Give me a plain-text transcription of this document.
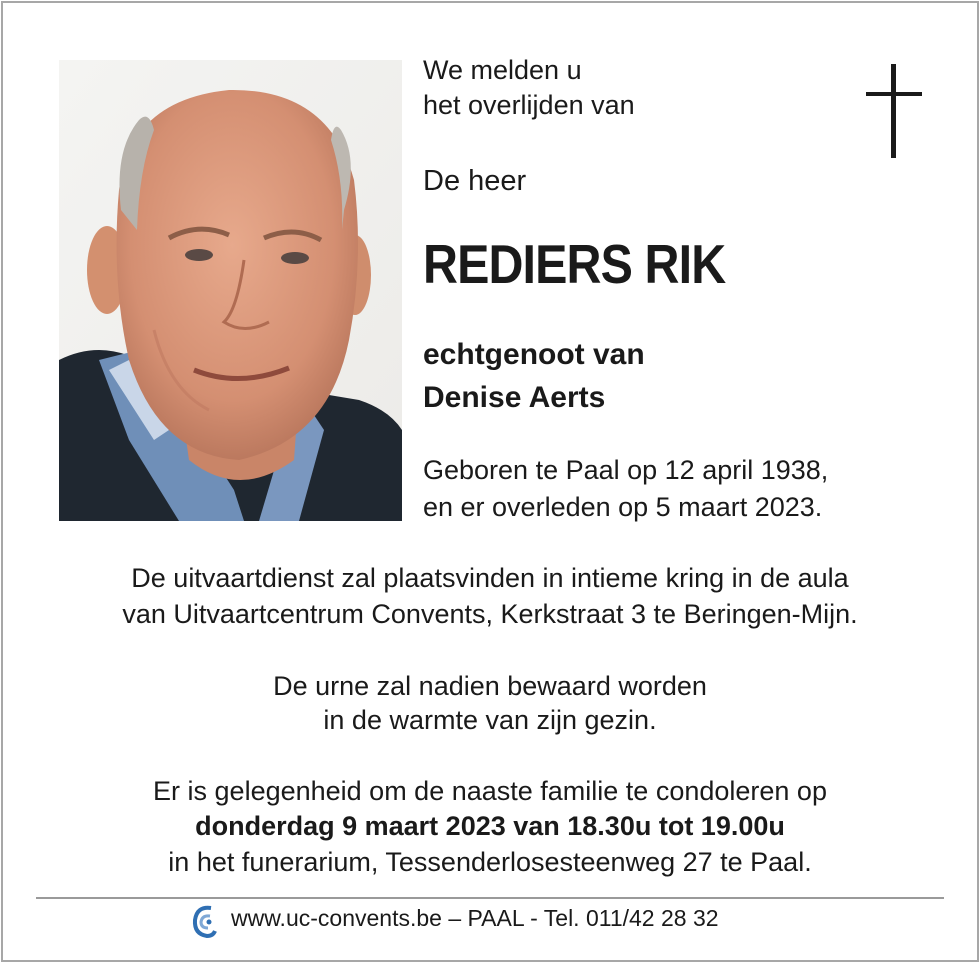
We melden u
het overlijden van
De heer
REDIERS RIK
echtgenoot van
Denise Aerts
Geboren te Paal op 12 april 1938,
en er overleden op 5 maart 2023.
De uitvaartdienst zal plaatsvinden in intieme kring in de aula
van Uitvaartcentrum Convents, Kerkstraat 3 te Beringen-Mijn.
De urne zal nadien bewaard worden
in de warmte van zijn gezin.
Er is gelegenheid om de naaste familie te condoleren op
donderdag 9 maart 2023 van 18.30u tot 19.00u
in het funerarium, Tessenderlosesteenweg 27 te Paal.
www.uc-convents.be – PAAL - Tel. 011/42 28 32
